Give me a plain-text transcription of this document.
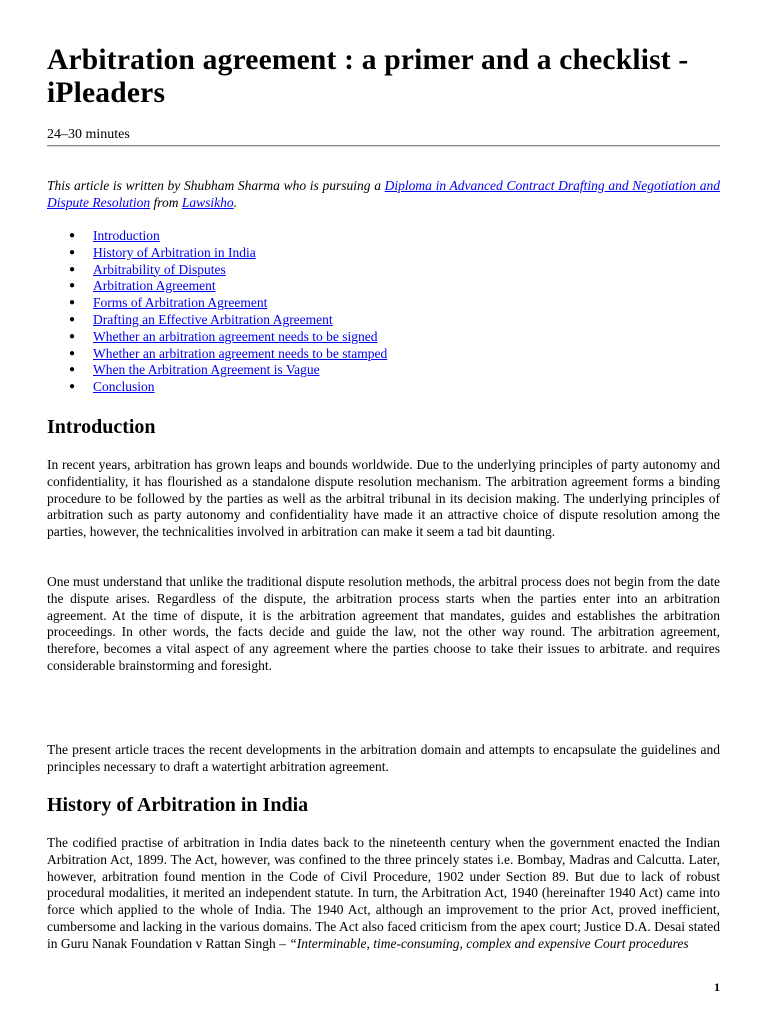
Arbitration agreement : a primer and a checklist - iPleaders
24–30 minutes

This article is written by Shubham Sharma who is pursuing a Diploma in Advanced Contract Drafting and Negotiation and Dispute Resolution from Lawsikho.

● Introduction
● History of Arbitration in India
● Arbitrability of Disputes
● Arbitration Agreement
● Forms of Arbitration Agreement
● Drafting an Effective Arbitration Agreement
● Whether an arbitration agreement needs to be signed
● Whether an arbitration agreement needs to be stamped
● When the Arbitration Agreement is Vague
● Conclusion
Introduction

In recent years, arbitration has grown leaps and bounds worldwide. Due to the underlying principles of party autonomy and confidentiality, it has flourished as a standalone dispute resolution mechanism. The arbitration agreement forms a binding procedure to be followed by the parties as well as the arbitral tribunal in its decision making. The underlying principles of arbitration such as party autonomy and confidentiality have made it an attractive choice of dispute resolution among the parties, however, the technicalities involved in arbitration can make it seem a tad bit daunting.

One must understand that unlike the traditional dispute resolution methods, the arbitral process does not begin from the date the dispute arises. Regardless of the dispute, the arbitration process starts when the parties enter into an arbitration agreement. At the time of dispute, it is the arbitration agreement that mandates, guides and establishes the arbitration proceedings. In other words, the facts decide and guide the law, not the other way round. The arbitration agreement, therefore, becomes a vital aspect of any agreement where the parties choose to take their issues to arbitrate. and requires considerable brainstorming and foresight.

The present article traces the recent developments in the arbitration domain and attempts to encapsulate the guidelines and principles necessary to draft a watertight arbitration agreement.

History of Arbitration in India

The codified practise of arbitration in India dates back to the nineteenth century when the government enacted the Indian Arbitration Act, 1899. The Act, however, was confined to the three princely states i.e. Bombay, Madras and Calcutta. Later, however, arbitration found mention in the Code of Civil Procedure, 1902 under Section 89. But due to lack of robust procedural modalities, it merited an independent statute. In turn, the Arbitration Act, 1940 (hereinafter 1940 Act) came into force which applied to the whole of India. The 1940 Act, although an improvement to the prior Act, proved inefficient, cumbersome and lacking in the various domains. The Act also faced criticism from the apex court; Justice D.A. Desai stated in Guru Nanak Foundation v Rattan Singh – “Interminable, time-consuming, complex and expensive Court procedures

1
